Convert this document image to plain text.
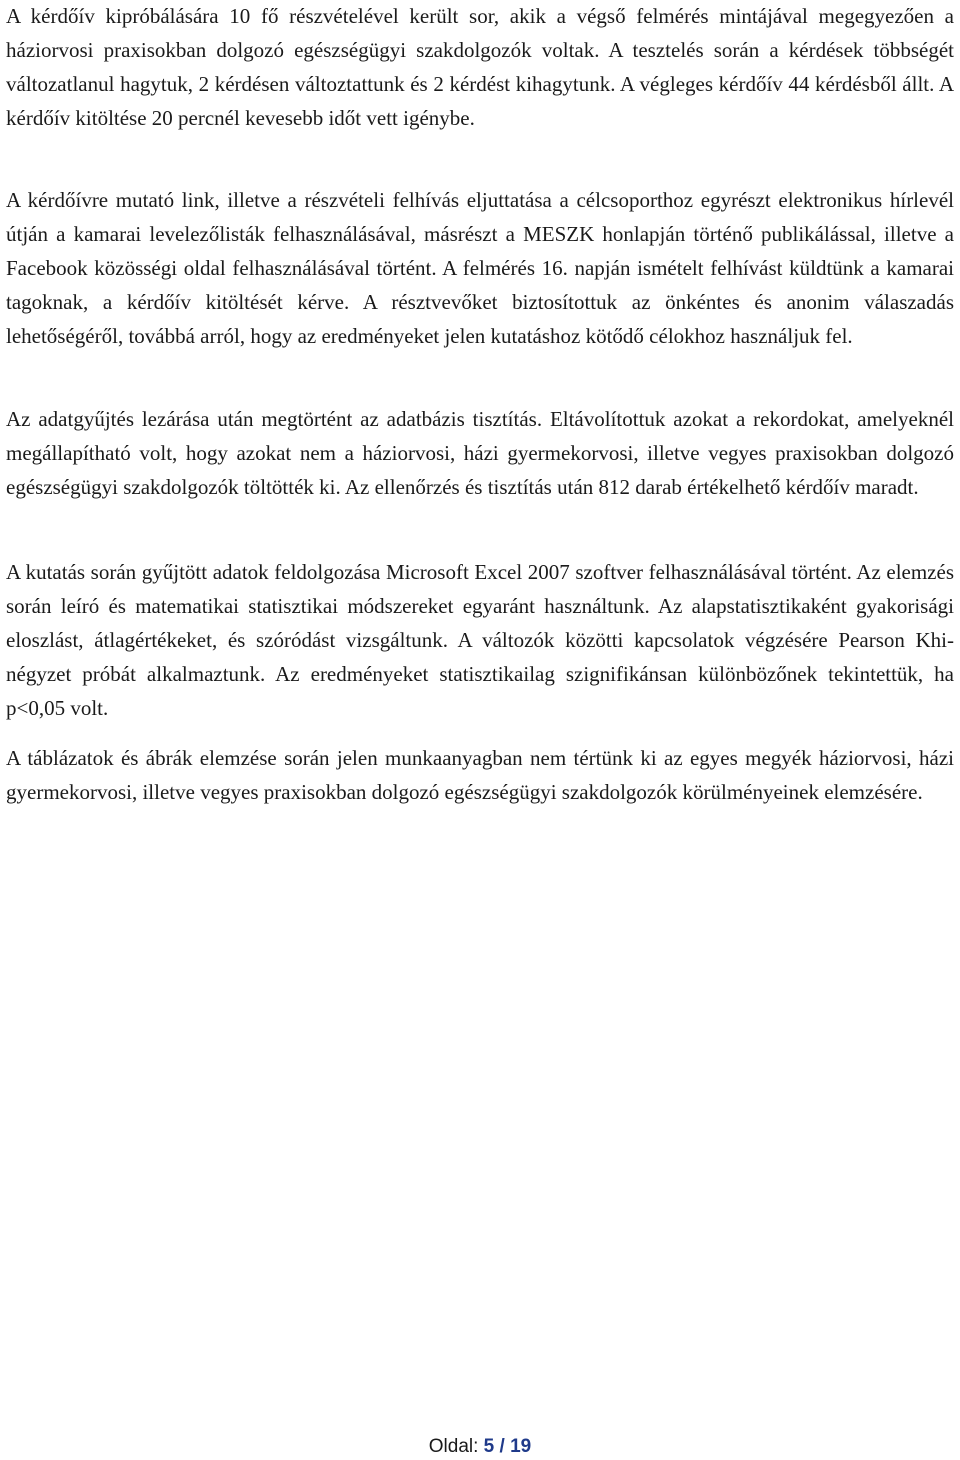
A kérdőív kipróbálására 10 fő részvételével került sor, akik a végső felmérés mintájával megegyezően a háziorvosi praxisokban dolgozó egészségügyi szakdolgozók voltak. A tesztelés során a kérdések többségét változatlanul hagytuk, 2 kérdésen változtattunk és 2 kérdést kihagytunk. A végleges kérdőív 44 kérdésből állt. A kérdőív kitöltése 20 percnél kevesebb időt vett igénybe.

A kérdőívre mutató link, illetve a részvételi felhívás eljuttatása a célcsoporthoz egyrészt elektronikus hírlevél útján a kamarai levelezőlisták felhasználásával, másrészt a MESZK honlapján történő publikálással, illetve a Facebook közösségi oldal felhasználásával történt. A felmérés 16. napján ismételt felhívást küldtünk a kamarai tagoknak, a kérdőív kitöltését kérve. A résztvevőket biztosítottuk az önkéntes és anonim válaszadás lehetőségéről, továbbá arról, hogy az eredményeket jelen kutatáshoz kötődő célokhoz használjuk fel.

Az adatgyűjtés lezárása után megtörtént az adatbázis tisztítás. Eltávolítottuk azokat a rekordokat, amelyeknél megállapítható volt, hogy azokat nem a háziorvosi, házi gyermekorvosi, illetve vegyes praxisokban dolgozó egészségügyi szakdolgozók töltötték ki. Az ellenőrzés és tisztítás után 812 darab értékelhető kérdőív maradt.

A kutatás során gyűjtött adatok feldolgozása Microsoft Excel 2007 szoftver felhasználásával történt. Az elemzés során leíró és matematikai statisztikai módszereket egyaránt használtunk. Az alapstatisztikaként gyakorisági eloszlást, átlagértékeket, és szóródást vizsgáltunk. A változók közötti kapcsolatok végzésére Pearson Khi-négyzet próbát alkalmaztunk. Az eredményeket statisztikailag szignifikánsan különbözőnek tekintettük, ha p<0,05 volt.

A táblázatok és ábrák elemzése során jelen munkaanyagban nem tértünk ki az egyes megyék háziorvosi, házi gyermekorvosi, illetve vegyes praxisokban dolgozó egészségügyi szakdolgozók körülményeinek elemzésére.

Oldal: 5 / 19
